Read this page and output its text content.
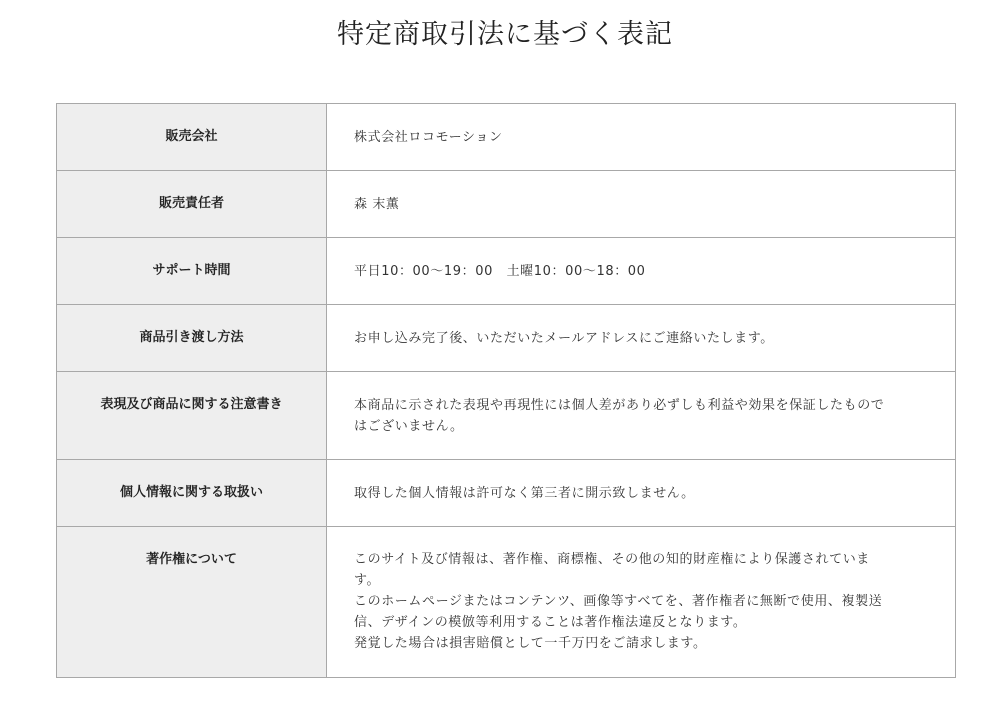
特定商取引法に基づく表記
販売会社	株式会社ロコモーション

販売責任者	森 末薫

サポート時間	平日10：00〜19：00　土曜10：00〜18：00

商品引き渡し方法	お申し込み完了後、いただいたメールアドレスにご連絡いたします。

表現及び商品に関する注意書き	本商品に示された表現や再現性には個人差があり必ずしも利益や効果を保証したもので
はございません。

個人情報に関する取扱い	取得した個人情報は許可なく第三者に開示致しません。

著作権について	このサイト及び情報は、著作権、商標権、その他の知的財産権により保護されていま
す。
このホームページまたはコンテンツ、画像等すべてを、著作権者に無断で使用、複製送
信、デザインの模倣等利用することは著作権法違反となります。
発覚した場合は損害賠償として一千万円をご請求します。
